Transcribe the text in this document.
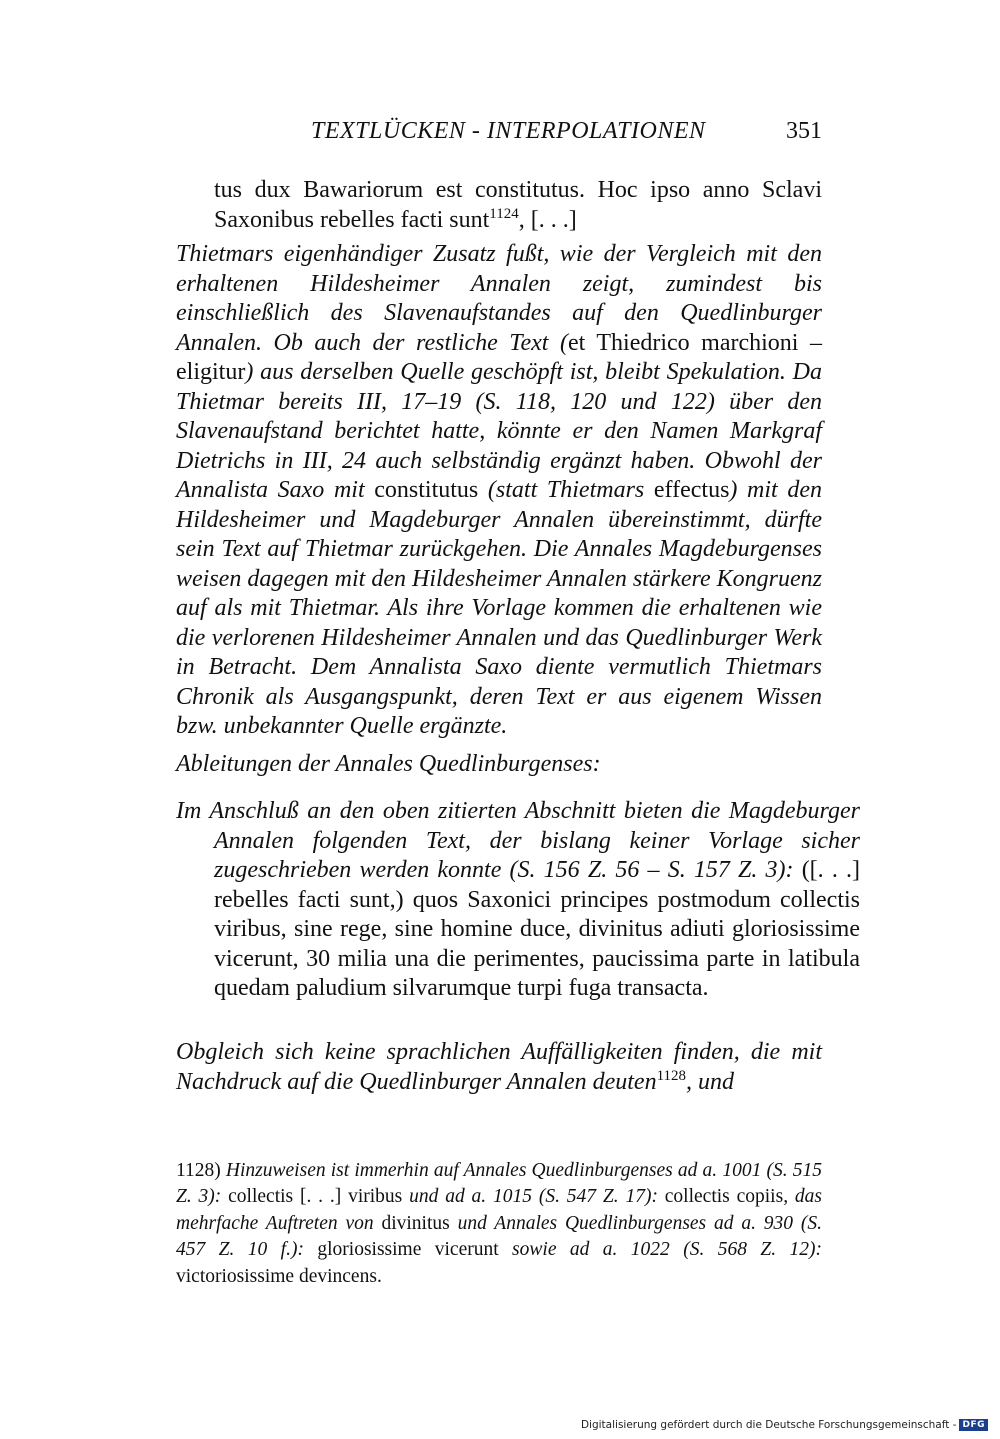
TEXTLÜCKEN - INTERPOLATIONEN	351
tus dux Bawariorum est constitutus. Hoc ipso anno Sclavi Saxonibus rebelles facti sunt$^{1124}$, [. . .]
Thietmars eigenhändiger Zusatz fußt, wie der Vergleich mit den erhaltenen Hildesheimer Annalen zeigt, zumindest bis einschließlich des Slavenaufstandes auf den Quedlinburger Annalen. Ob auch der restliche Text (et Thiedrico marchioni – eligitur) aus derselben Quelle geschöpft ist, bleibt Spekulation. Da Thietmar bereits III, 17–19 (S. 118, 120 und 122) über den Slavenaufstand berichtet hatte, könnte er den Namen Markgraf Dietrichs in III, 24 auch selbständig ergänzt haben. Obwohl der Annalista Saxo mit constitutus (statt Thietmars effectus) mit den Hildesheimer und Magdeburger Annalen übereinstimmt, dürfte sein Text auf Thietmar zurückgehen. Die Annales Magdeburgenses weisen dagegen mit den Hildesheimer Annalen stärkere Kongruenz auf als mit Thietmar. Als ihre Vorlage kommen die erhaltenen wie die verlorenen Hildesheimer Annalen und das Quedlinburger Werk in Betracht. Dem Annalista Saxo diente vermutlich Thietmars Chronik als Ausgangspunkt, deren Text er aus eigenem Wissen bzw. unbekannter Quelle ergänzte.
Ableitungen der Annales Quedlinburgenses:
Im Anschluß an den oben zitierten Abschnitt bieten die Magdeburger Annalen folgenden Text, der bislang keiner Vorlage sicher zugeschrieben werden konnte (S. 156 Z. 56 – S. 157 Z. 3): ([. . .] rebelles facti sunt,) quos Saxonici principes postmodum collectis viribus, sine rege, sine homine duce, divinitus adiuti gloriosissime vicerunt, 30 milia una die perimentes, paucissima parte in latibula quedam paludium silvarumque turpi fuga transacta.
Obgleich sich keine sprachlichen Auffälligkeiten finden, die mit Nachdruck auf die Quedlinburger Annalen deuten$^{1128}$, und
1128) Hinzuweisen ist immerhin auf Annales Quedlinburgenses ad a. 1001 (S. 515 Z. 3): collectis [. . .] viribus und ad a. 1015 (S. 547 Z. 17): collectis copiis, das mehrfache Auftreten von divinitus und Annales Quedlinburgenses ad a. 930 (S. 457 Z. 10 f.): gloriosissime vicerunt sowie ad a. 1022 (S. 568 Z. 12): victoriosissime devincens.
Digitalisierung gefördert durch die Deutsche Forschungsgemeinschaft - DFG
